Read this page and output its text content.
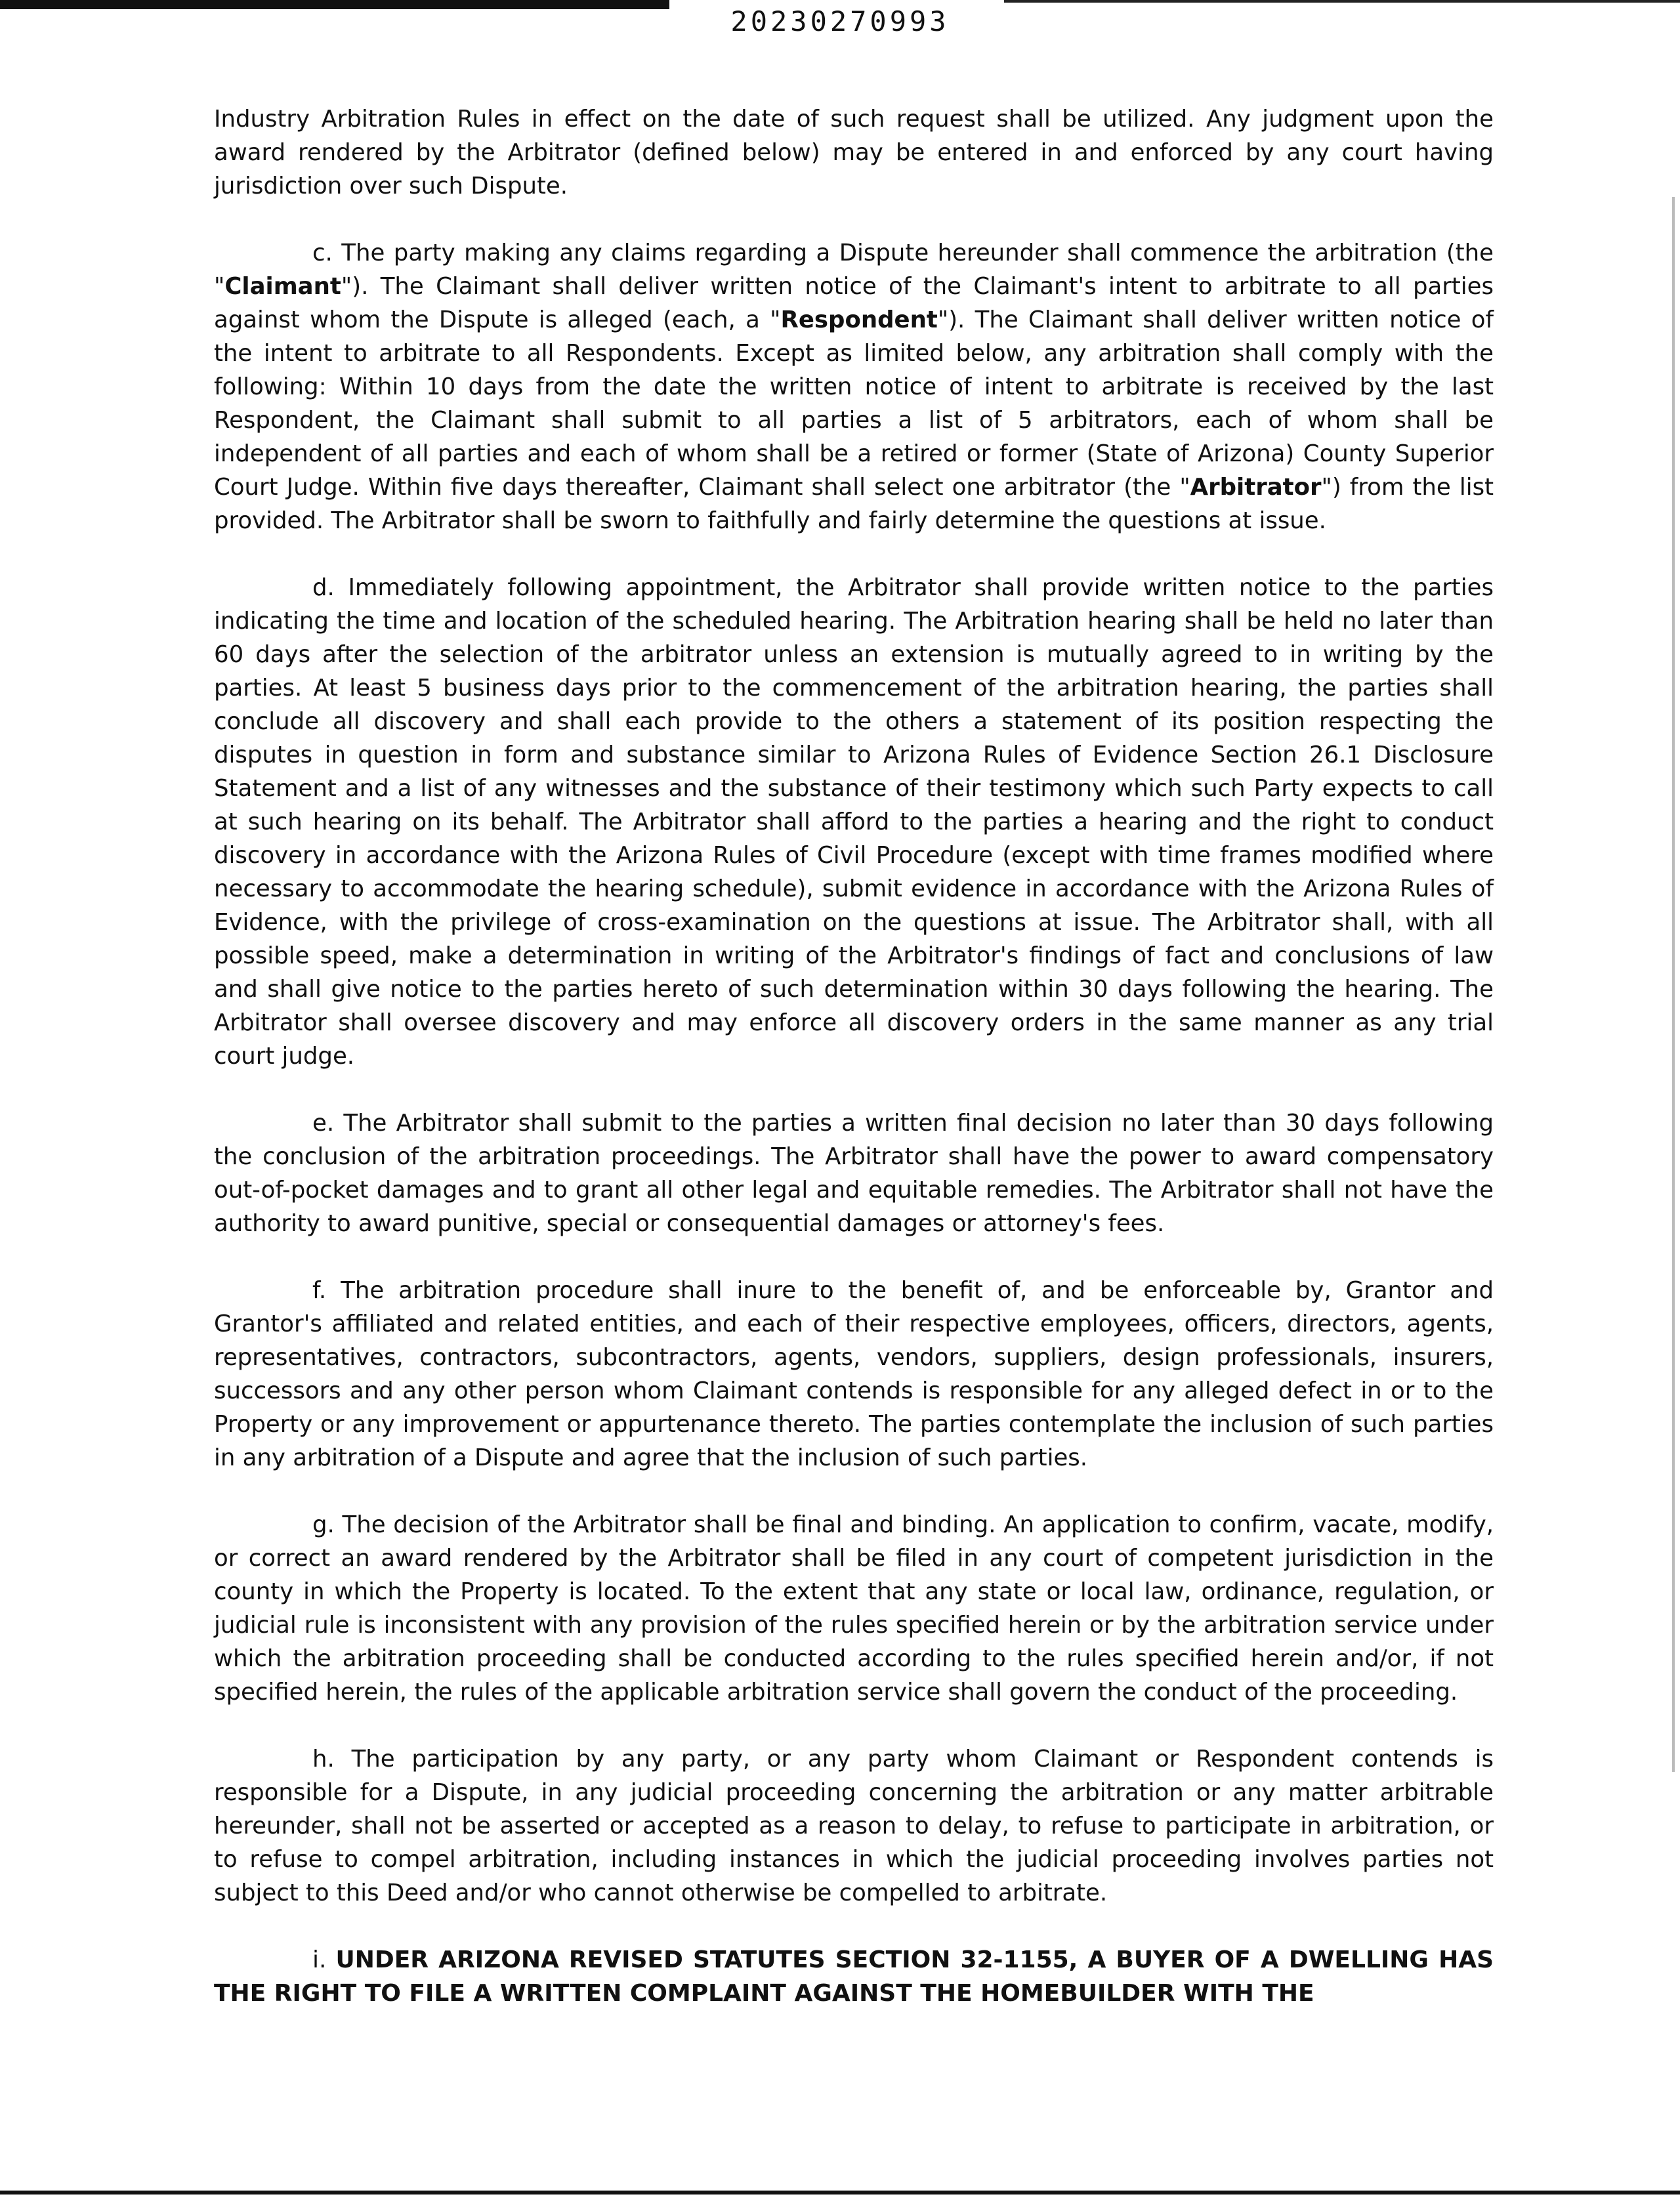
20230270993

Industry Arbitration Rules in effect on the date of such request shall be utilized. Any judgment upon the award rendered by the Arbitrator (defined below) may be entered in and enforced by any court having jurisdiction over such Dispute.

c. The party making any claims regarding a Dispute hereunder shall commence the arbitration (the "Claimant"). The Claimant shall deliver written notice of the Claimant's intent to arbitrate to all parties against whom the Dispute is alleged (each, a "Respondent"). The Claimant shall deliver written notice of the intent to arbitrate to all Respondents. Except as limited below, any arbitration shall comply with the following: Within 10 days from the date the written notice of intent to arbitrate is received by the last Respondent, the Claimant shall submit to all parties a list of 5 arbitrators, each of whom shall be independent of all parties and each of whom shall be a retired or former (State of Arizona) County Superior Court Judge. Within five days thereafter, Claimant shall select one arbitrator (the "Arbitrator") from the list provided. The Arbitrator shall be sworn to faithfully and fairly determine the questions at issue.

d. Immediately following appointment, the Arbitrator shall provide written notice to the parties indicating the time and location of the scheduled hearing. The Arbitration hearing shall be held no later than 60 days after the selection of the arbitrator unless an extension is mutually agreed to in writing by the parties. At least 5 business days prior to the commencement of the arbitration hearing, the parties shall conclude all discovery and shall each provide to the others a statement of its position respecting the disputes in question in form and substance similar to Arizona Rules of Evidence Section 26.1 Disclosure Statement and a list of any witnesses and the substance of their testimony which such Party expects to call at such hearing on its behalf. The Arbitrator shall afford to the parties a hearing and the right to conduct discovery in accordance with the Arizona Rules of Civil Procedure (except with time frames modified where necessary to accommodate the hearing schedule), submit evidence in accordance with the Arizona Rules of Evidence, with the privilege of cross-examination on the questions at issue. The Arbitrator shall, with all possible speed, make a determination in writing of the Arbitrator's findings of fact and conclusions of law and shall give notice to the parties hereto of such determination within 30 days following the hearing. The Arbitrator shall oversee discovery and may enforce all discovery orders in the same manner as any trial court judge.

e. The Arbitrator shall submit to the parties a written final decision no later than 30 days following the conclusion of the arbitration proceedings. The Arbitrator shall have the power to award compensatory out-of-pocket damages and to grant all other legal and equitable remedies. The Arbitrator shall not have the authority to award punitive, special or consequential damages or attorney's fees.

f. The arbitration procedure shall inure to the benefit of, and be enforceable by, Grantor and Grantor's affiliated and related entities, and each of their respective employees, officers, directors, agents, representatives, contractors, subcontractors, agents, vendors, suppliers, design professionals, insurers, successors and any other person whom Claimant contends is responsible for any alleged defect in or to the Property or any improvement or appurtenance thereto. The parties contemplate the inclusion of such parties in any arbitration of a Dispute and agree that the inclusion of such parties.

g. The decision of the Arbitrator shall be final and binding. An application to confirm, vacate, modify, or correct an award rendered by the Arbitrator shall be filed in any court of competent jurisdiction in the county in which the Property is located. To the extent that any state or local law, ordinance, regulation, or judicial rule is inconsistent with any provision of the rules specified herein or by the arbitration service under which the arbitration proceeding shall be conducted according to the rules specified herein and/or, if not specified herein, the rules of the applicable arbitration service shall govern the conduct of the proceeding.

h. The participation by any party, or any party whom Claimant or Respondent contends is responsible for a Dispute, in any judicial proceeding concerning the arbitration or any matter arbitrable hereunder, shall not be asserted or accepted as a reason to delay, to refuse to participate in arbitration, or to refuse to compel arbitration, including instances in which the judicial proceeding involves parties not subject to this Deed and/or who cannot otherwise be compelled to arbitrate.

i. UNDER ARIZONA REVISED STATUTES SECTION 32-1155, A BUYER OF A DWELLING HAS THE RIGHT TO FILE A WRITTEN COMPLAINT AGAINST THE HOMEBUILDER WITH THE
